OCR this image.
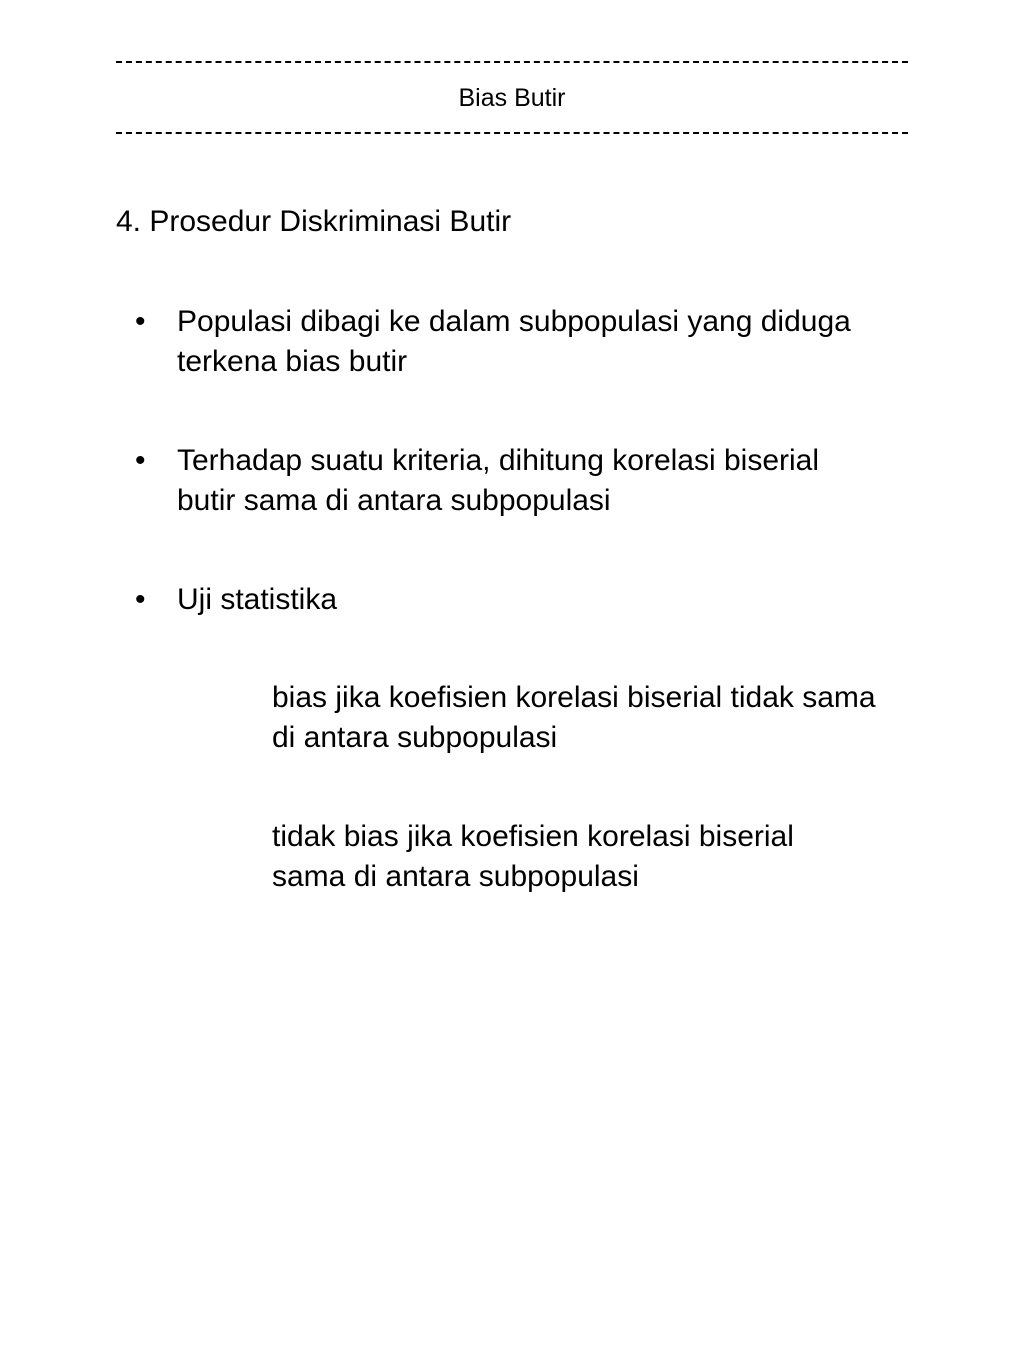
Bias Butir
4. Prosedur Diskriminasi Butir
• Populasi dibagi ke dalam subpopulasi yang diduga
terkena bias butir
• Terhadap suatu kriteria, dihitung korelasi biserial
butir sama di antara subpopulasi
• Uji statistika
bias jika koefisien korelasi biserial tidak sama
di antara subpopulasi
tidak bias jika koefisien korelasi biserial
sama di antara subpopulasi
